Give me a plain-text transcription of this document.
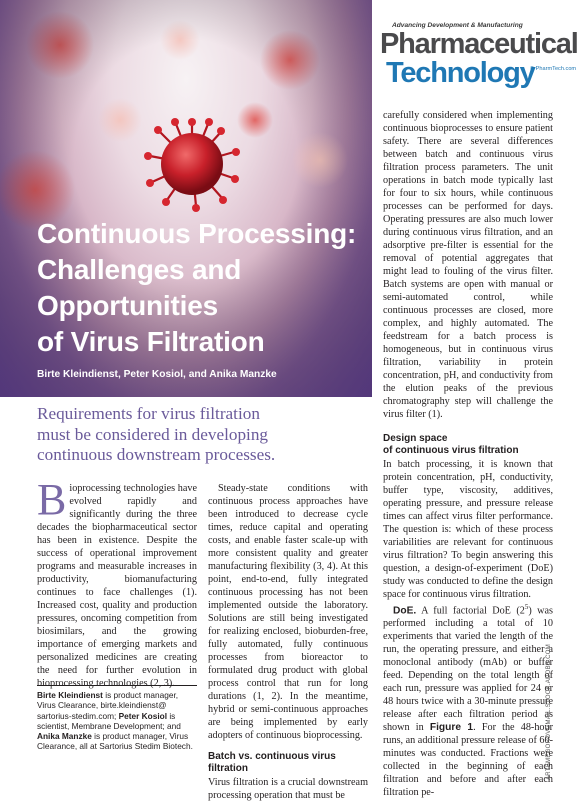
Continuous Processing:
Challenges and
Opportunities
of Virus Filtration
Birte Kleindienst, Peter Kosiol, and Anika Manzke
Advancing Development & Manufacturing
Pharmaceutical
Technology
® PharmTech.com
Requirements for virus filtration
must be considered in developing
continuous downstream processes.

Bioprocessing technologies have evolved rapidly and significantly during the three decades the biopharmaceutical sector has been in existence. Despite the success of operational improvement programs and measurable increases in productivity, biomanufacturing continues to face challenges (1). Increased cost, quality and production pressures, oncoming competition from biosimilars, and the growing importance of emerging markets and personalized medicines are creating the need for further evolution in bioprocessing technologies (2, 3).

Birte Kleindienst is product manager, Virus Clearance, birte.kleindienst@ sartorius-stedim.com; Peter Kosiol is scientist, Membrane Development; and Anika Manzke is product manager, Virus Clearance, all at Sartorius Stedim Biotech.

Steady-state conditions with continuous process approaches have been introduced to decrease cycle times, reduce capital and operating costs, and enable faster scale-up with more consistent quality and greater manufacturing flexibility (3, 4). At this point, end-to-end, fully integrated continuous processing has not been implemented outside the laboratory. Solutions are still being investigated for realizing enclosed, bioburden-free, fully automated, fully continuous processes from bioreactor to formulated drug product with global process control that run for long durations (1, 2). In the meantime, hybrid or semi-continuous approaches are being implemented by early adopters of continuous bioprocessing.

Batch vs. continuous virus filtration

Virus filtration is a crucial downstream processing operation that must be

carefully considered when implementing continuous bioprocesses to ensure patient safety. There are several differences between batch and continuous virus filtration process parameters. The unit operations in batch mode typically last for four to six hours, while continuous processes can be performed for days. Operating pressures are also much lower during continuous virus filtration, and an adsorptive pre-filter is essential for the removal of potential aggregates that might lead to fouling of the virus filter. Batch systems are open with manual or semi-automated control, while continuous processes are closed, more complex, and highly automated. The feedstream for a batch process is homogeneous, but in continuous virus filtration, variability in protein concentration, pH, and conductivity from the elution peaks of the previous chromatography step will challenge the virus filter (1).

Design space
of continuous virus filtration

In batch processing, it is known that protein concentration, pH, conductivity, buffer type, viscosity, additives, operating pressure, and pressure release times can affect virus filter performance. The question is: which of these process variabilities are relevant for continuous virus filtration? To begin answering this question, a design-of-experiment (DoE) study was conducted to define the design space for continuous virus filtration.

DoE. A full factorial DoE $(2^5)$ was performed including a total of 10 experiments that varied the length of the run, the operating pressure, and either a monoclonal antibody (mAb) or buffer feed. Depending on the total length of each run, pressure was applied for 24 or 48 hours twice with a 30-minute pressure release after each filtration period as shown in Figure 1. For the 48-hour runs, an additional pressure release of 60-minutes was conducted. Fractions were collected in the beginning of each filtration and before and after each filtration pe-

ARTEMEGOROVGMAIL.STOCK.ADOBE.COM
